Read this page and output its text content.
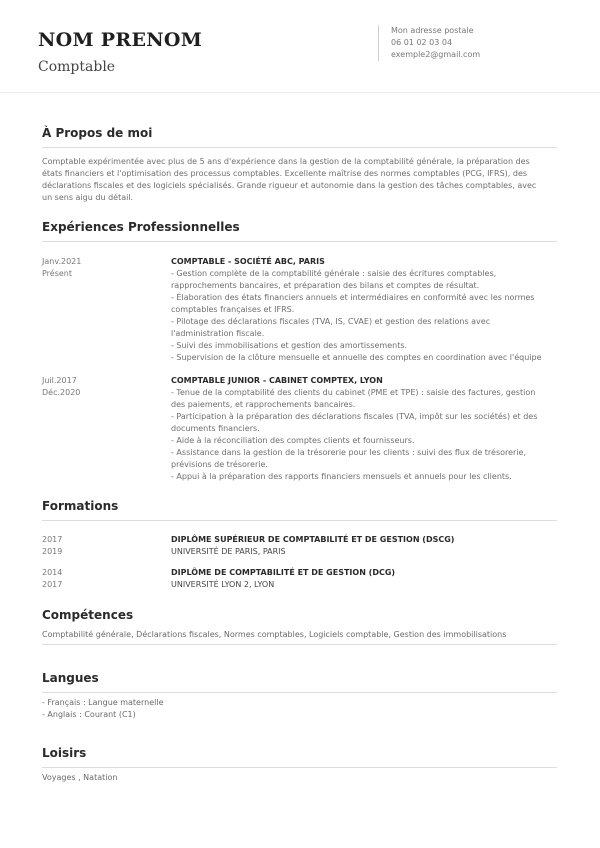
NOM PRENOM
Comptable
Mon adresse postale
06 01 02 03 04
exemple2@gmail.com
À Propos de moi
Comptable expérimentée avec plus de 5 ans d'expérience dans la gestion de la comptabilité générale, la préparation des
états financiers et l'optimisation des processus comptables. Excellente maîtrise des normes comptables (PCG, IFRS), des
déclarations fiscales et des logiciels spécialisés. Grande rigueur et autonomie dans la gestion des tâches comptables, avec
un sens aigu du détail.
Expériences Professionnelles
Janv.2021
Présent
COMPTABLE - SOCIÉTÉ ABC, PARIS
- Gestion complète de la comptabilité générale : saisie des écritures comptables,
rapprochements bancaires, et préparation des bilans et comptes de résultat.
- Élaboration des états financiers annuels et intermédiaires en conformité avec les normes
comptables françaises et IFRS.
- Pilotage des déclarations fiscales (TVA, IS, CVAE) et gestion des relations avec
l'administration fiscale.
- Suivi des immobilisations et gestion des amortissements.
- Supervision de la clôture mensuelle et annuelle des comptes en coordination avec l'équipe
Juil.2017
Déc.2020
COMPTABLE JUNIOR - CABINET COMPTEX, LYON
- Tenue de la comptabilité des clients du cabinet (PME et TPE) : saisie des factures, gestion
des paiements, et rapprochements bancaires.
- Participation à la préparation des déclarations fiscales (TVA, impôt sur les sociétés) et des
documents financiers.
- Aide à la réconciliation des comptes clients et fournisseurs.
- Assistance dans la gestion de la trésorerie pour les clients : suivi des flux de trésorerie,
prévisions de trésorerie.
- Appui à la préparation des rapports financiers mensuels et annuels pour les clients.
Formations
2017
2019
DIPLÔME SUPÉRIEUR DE COMPTABILITÉ ET DE GESTION (DSCG)
UNIVERSITÉ DE PARIS, PARIS
2014
2017
DIPLÔME DE COMPTABILITÉ ET DE GESTION (DCG)
UNIVERSITÉ LYON 2, LYON
Compétences
Comptabilité générale, Déclarations fiscales, Normes comptables, Logiciels comptable, Gestion des immobilisations
Langues
- Français : Langue maternelle
- Anglais : Courant (C1)
Loisirs
Voyages , Natation
